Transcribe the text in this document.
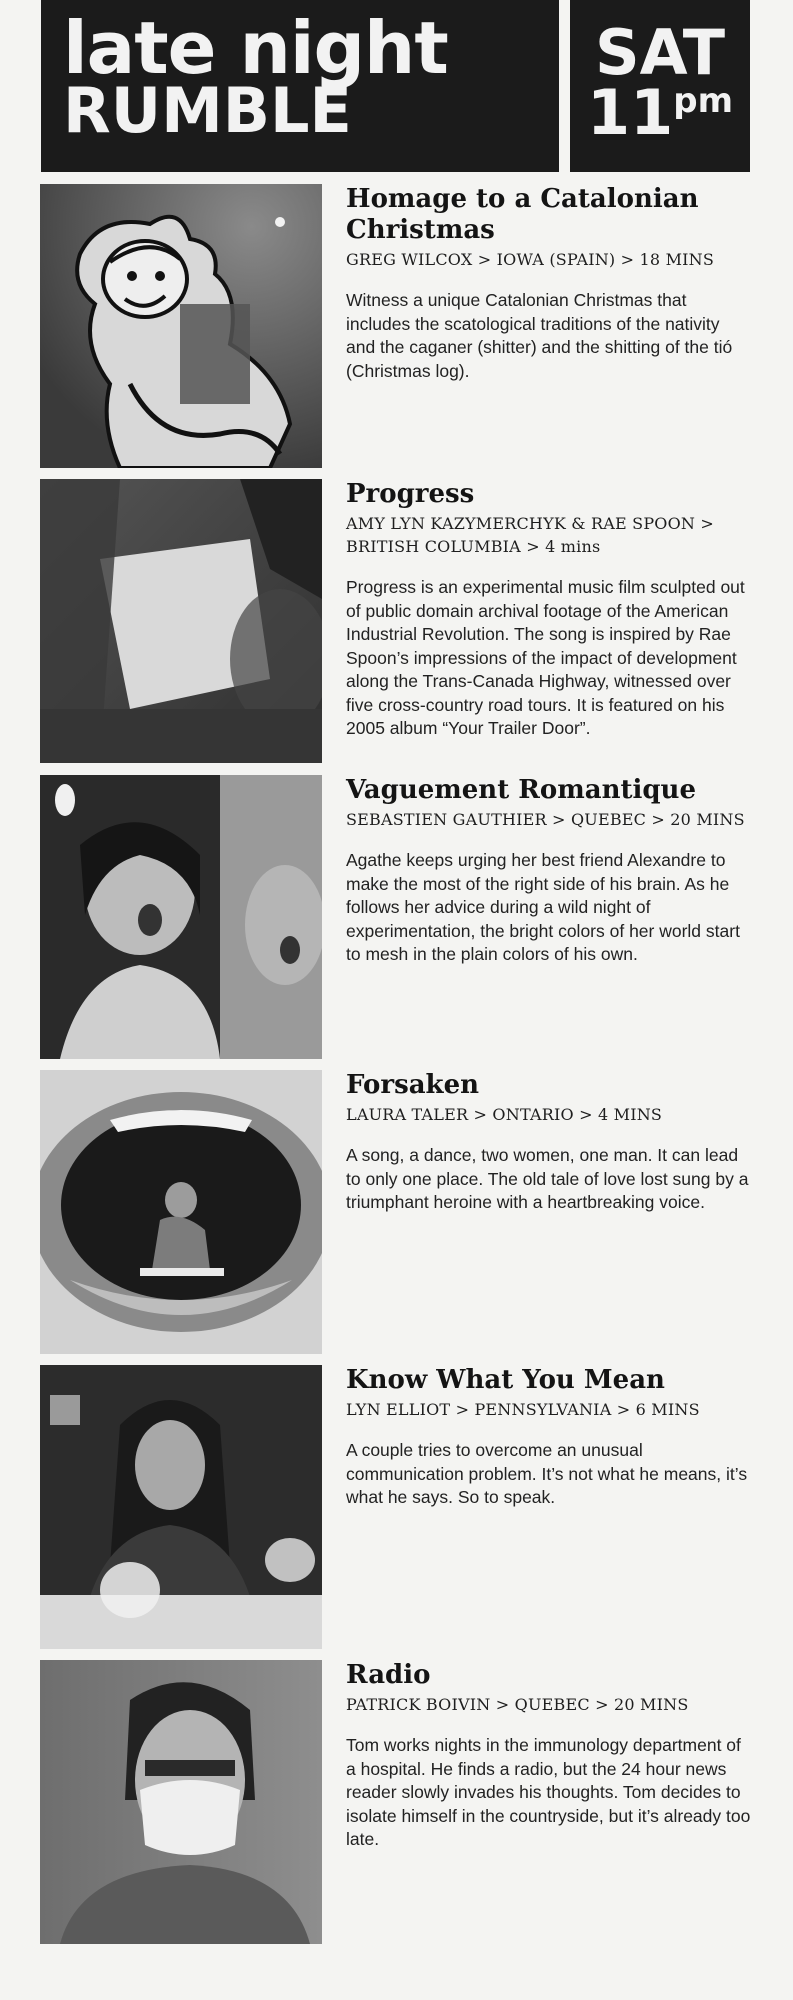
late night
RUMBLE
SAT
$11^{pm}$

Homage to a Catalonian Christmas

GREG WILCOX > IOWA (SPAIN) > 18 MINS

Witness a unique Catalonian Christmas that includes the scatological traditions of the nativity and the caganer (shitter) and the shitting of the tió (Christmas log).

Progress

AMY LYN KAZYMERCHYK & RAE SPOON > BRITISH COLUMBIA > 4 mins

Progress is an experimental music film sculpted out of public domain archival footage of the American Industrial Revolution. The song is inspired by Rae Spoon’s impressions of the impact of development along the Trans-Canada Highway, witnessed over five cross-country road tours. It is featured on his 2005 album “Your Trailer Door”.

Vaguement Romantique

SEBASTIEN GAUTHIER > QUEBEC > 20 MINS

Agathe keeps urging her best friend Alexandre to make the most of the right side of his brain. As he follows her advice during a wild night of experimentation, the bright colors of her world start to mesh in the plain colors of his own.

Forsaken

LAURA TALER > ONTARIO > 4 MINS

A song, a dance, two women, one man. It can lead to only one place. The old tale of love lost sung by a triumphant heroine with a heartbreaking voice.

Know What You Mean

LYN ELLIOT > PENNSYLVANIA > 6 MINS

A couple tries to overcome an unusual communication problem. It’s not what he means, it’s what he says. So to speak.

Radio

PATRICK BOIVIN > QUEBEC > 20 MINS

Tom works nights in the immunology department of a hospital. He finds a radio, but the 24 hour news reader slowly invades his thoughts. Tom decides to isolate himself in the countryside, but it’s already too late.
